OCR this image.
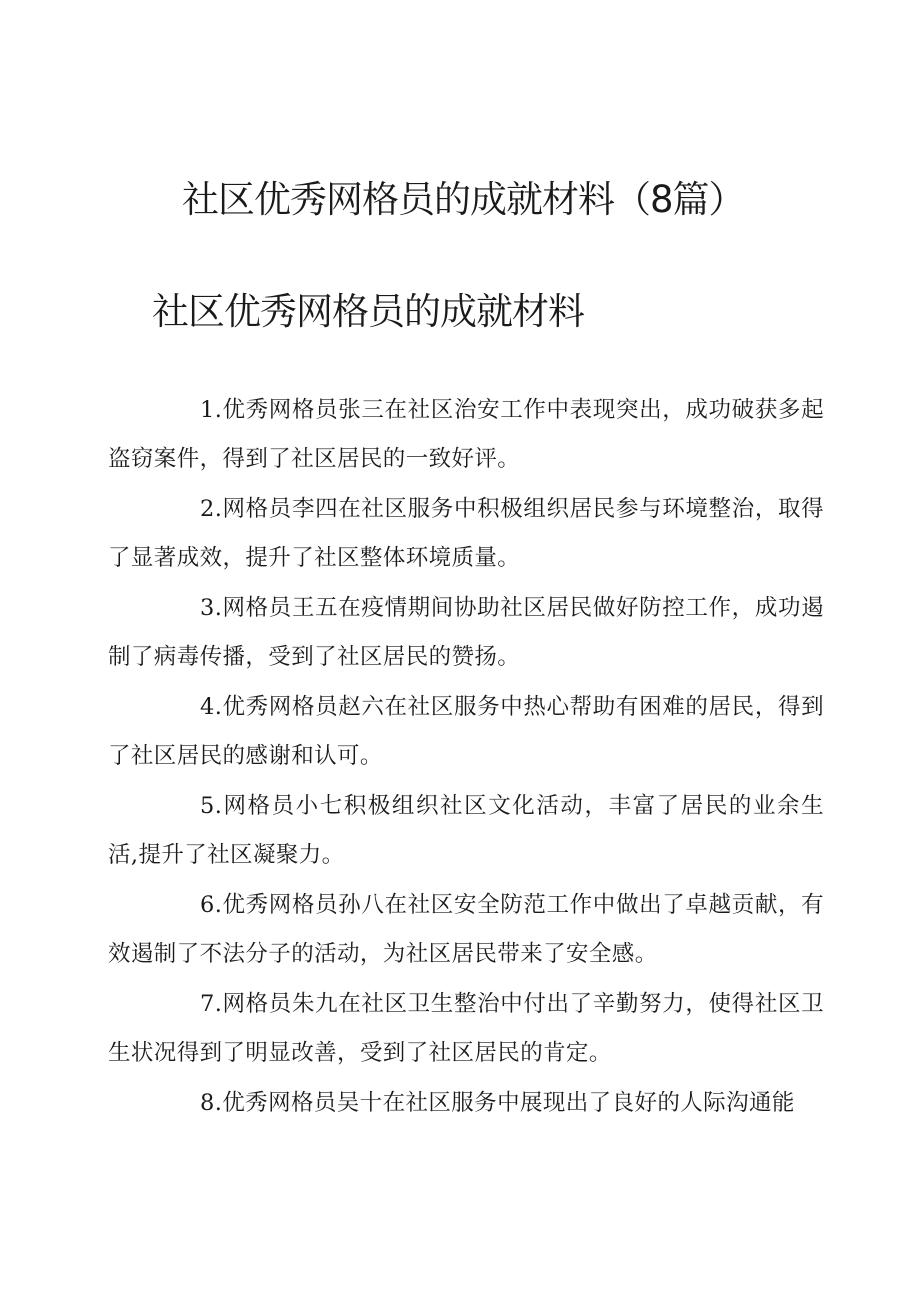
社区优秀网格员的成就材料（8篇）
社区优秀网格员的成就材料
1.优秀网格员张三在社区治安工作中表现突出，成功破获多起盗窃案件，得到了社区居民的一致好评。
2.网格员李四在社区服务中积极组织居民参与环境整治，取得了显著成效，提升了社区整体环境质量。
3.网格员王五在疫情期间协助社区居民做好防控工作，成功遏制了病毒传播，受到了社区居民的赞扬。
4.优秀网格员赵六在社区服务中热心帮助有困难的居民，得到了社区居民的感谢和认可。
5.网格员小七积极组织社区文化活动，丰富了居民的业余生活,提升了社区凝聚力。
6.优秀网格员孙八在社区安全防范工作中做出了卓越贡献，有效遏制了不法分子的活动，为社区居民带来了安全感。
7.网格员朱九在社区卫生整治中付出了辛勤努力，使得社区卫生状况得到了明显改善，受到了社区居民的肯定。
8.优秀网格员吴十在社区服务中展现出了良好的人际沟通能
